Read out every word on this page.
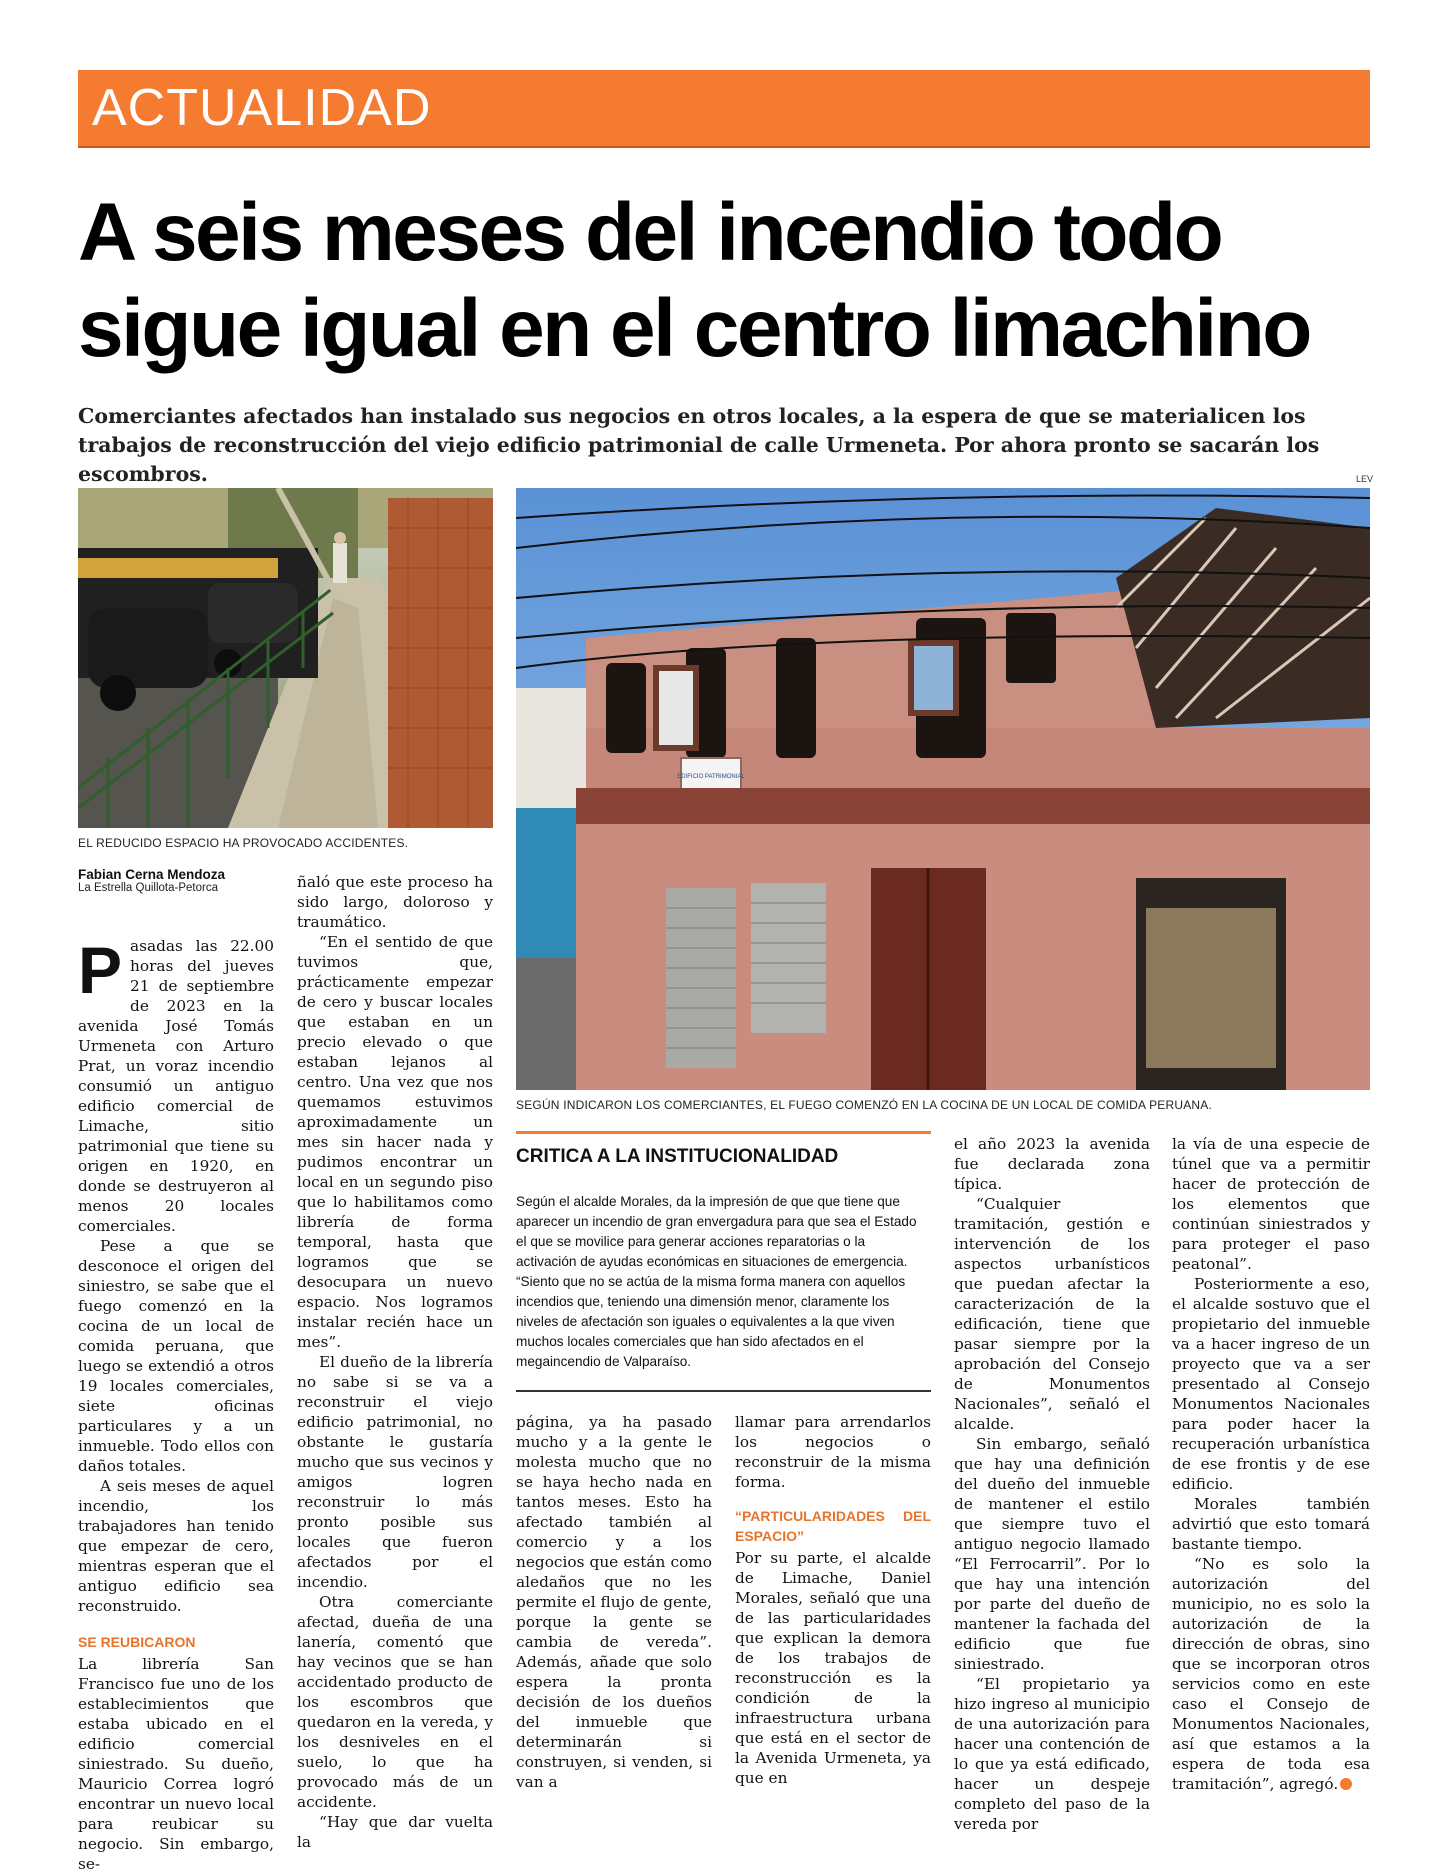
ACTUALIDAD
A seis meses del incendio todo
sigue igual en el centro limachino
Comerciantes afectados han instalado sus negocios en otros locales, a la espera de que se materialicen los trabajos de reconstrucción del viejo edificio patrimonial de calle Urmeneta. Por ahora pronto se sacarán los escombros.	LEV
EL REDUCIDO ESPACIO HA PROVOCADO ACCIDENTES.
EDIFICIO PATRIMONIAL
SEGÚN INDICARON LOS COMERCIANTES, EL FUEGO COMENZÓ EN LA COCINA DE UN LOCAL DE COMIDA PERUANA.
Fabian Cerna Mendoza
La Estrella Quillota-Petorca

Pasadas las 22.00 horas del jueves 21 de septiembre de 2023 en la avenida José Tomás Urmeneta con Arturo Prat, un voraz incendio consumió un antiguo edificio comercial de Limache, sitio patrimonial que tiene su origen en 1920, en donde se destruyeron al menos 20 locales comerciales.

Pese a que se desconoce el origen del siniestro, se sabe que el fuego comenzó en la cocina de un local de comida peruana, que luego se extendió a otros 19 locales comerciales, siete oficinas particulares y a un inmueble. Todo ellos con daños totales.

A seis meses de aquel incendio, los trabajadores han tenido que empezar de cero, mientras esperan que el antiguo edificio sea reconstruido.

SE REUBICARON

La librería San Francisco fue uno de los establecimientos que estaba ubicado en el edificio comercial siniestrado. Su dueño, Mauricio Correa logró encontrar un nuevo local para reubicar su negocio. Sin embargo, se-

ñaló que este proceso ha sido largo, doloroso y traumático.

“En el sentido de que tuvimos que, prácticamente empezar de cero y buscar locales que estaban en un precio elevado o que estaban lejanos al centro. Una vez que nos quemamos estuvimos aproximadamente un mes sin hacer nada y pudimos encontrar un local en un segundo piso que lo habilitamos como librería de forma temporal, hasta que logramos que se desocupara un nuevo espacio. Nos logramos instalar recién hace un mes”.

El dueño de la librería no sabe si se va a reconstruir el viejo edificio patrimonial, no obstante le gustaría mucho que sus vecinos y amigos logren reconstruir lo más pronto posible sus locales que fueron afectados por el incendio.

Otra comerciante afectad, dueña de una lanería, comentó que hay vecinos que se han accidentado producto de los escombros que quedaron en la vereda, y los desniveles en el suelo, lo que ha provocado más de un accidente.

“Hay que dar vuelta la

CRITICA A LA INSTITUCIONALIDAD
Según el alcalde Morales, da la impresión de que que tiene que aparecer un incendio de gran envergadura para que sea el Estado el que se movilice para generar acciones reparatorias o la activación de ayudas económicas en situaciones de emergencia. “Siento que no se actúa de la misma forma manera con aquellos incendios que, teniendo una dimensión menor, claramente los niveles de afectación son iguales o equivalentes a la que viven muchos locales comerciales que han sido afectados en el megaincendio de Valparaíso.

página, ya ha pasado mucho y a la gente le molesta mucho que no se haya hecho nada en tantos meses. Esto ha afectado también al comercio y a los negocios que están como aledaños que no les permite el flujo de gente, porque la gente se cambia de vereda”. Además, añade que solo espera la pronta decisión de los dueños del inmueble que determinarán si construyen, si venden, si van a

llamar para arrendarlos los negocios o reconstruir de la misma forma.

“PARTICULARIDADES DEL ESPACIO”

Por su parte, el alcalde de Limache, Daniel Morales, señaló que una de las particularidades que explican la demora de los trabajos de reconstrucción es la condición de la infraestructura urbana que está en el sector de la Avenida Urmeneta, ya que en

el año 2023 la avenida fue declarada zona típica.

“Cualquier tramitación, gestión e intervención de los aspectos urbanísticos que puedan afectar la caracterización de la edificación, tiene que pasar siempre por la aprobación del Consejo de Monumentos Nacionales”, señaló el alcalde.

Sin embargo, señaló que hay una definición del dueño del inmueble de mantener el estilo que siempre tuvo el antiguo negocio llamado “El Ferrocarril”. Por lo que hay una intención por parte del dueño de mantener la fachada del edificio que fue siniestrado.

“El propietario ya hizo ingreso al municipio de una autorización para hacer una contención de lo que ya está edificado, hacer un despeje completo del paso de la vereda por

la vía de una especie de túnel que va a permitir hacer de protección de los elementos que continúan siniestrados y para proteger el paso peatonal”.

Posteriormente a eso, el alcalde sostuvo que el propietario del inmueble va a hacer ingreso de un proyecto que va a ser presentado al Consejo Monumentos Nacionales para poder hacer la recuperación urbanística de ese frontis y de ese edificio.

Morales también advirtió que esto tomará bastante tiempo.

“No es solo la autorización del municipio, no es solo la autorización de la dirección de obras, sino que se incorporan otros servicios como en este caso el Consejo de Monumentos Nacionales, así que estamos a la espera de toda esa tramitación”, agregó.
